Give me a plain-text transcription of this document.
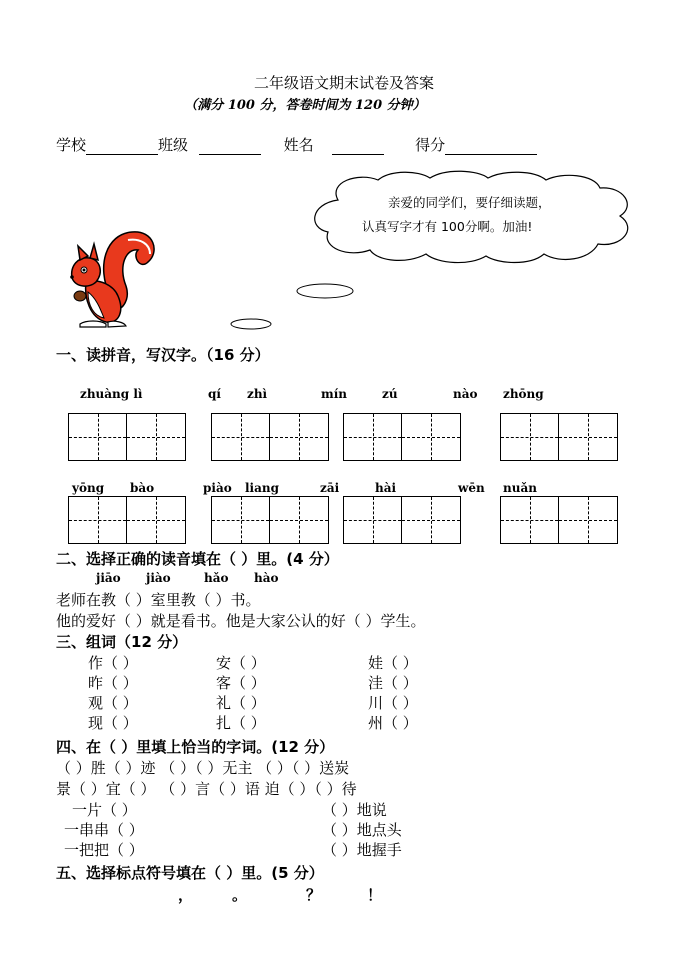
二年级语文期末试卷及答案
（满分 100 分，答卷时间为 120 分钟）
学校	班级	姓名	得分
亲爱的同学们，要仔细读题，
认真写字才有 100分啊。加油!
一、读拼音，写汉字。（16 分）
zhuàng lì	qí zhì	mín	zú	nào zhōng
yōng bào	piào liang	zāi	hài	wēn nuǎn
二、选择正确的读音填在（ ）里。(4 分）
jiāo jiào	hǎo hào
老师在教（ ）室里教（ ）书。
他的爱好（ ）就是看书。他是大家公认的好（ ）学生。
三、组词（12 分）
作（ ）	安（ ）	娃（ ）
昨（ ）	客（ ）	洼（ ）
观（ ）	礼（ ）	川（ ）
现（ ）	扎（ ）	州（ ）
四、在（ ）里填上恰当的字词。(12 分）
（ ）胜（ ）迹 （ ）（ ）无主 （ ）（ ）送炭
景（ ）宜（ ） （ ）言（ ）语 迫（ ）（ ）待
一片（ ）	（ ）地说
一串串（ ）	（ ）地点头
一把把（ ）	（ ）地握手
五、选择标点符号填在（ ）里。(5 分）
，	。	？	！
